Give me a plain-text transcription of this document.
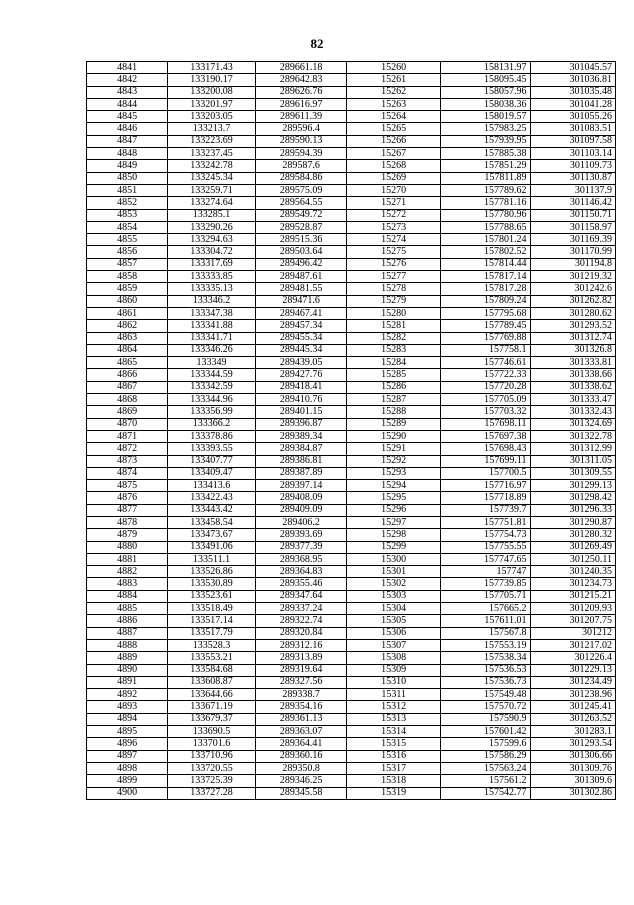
82
4841	133171.43	289661.18	15260	158131.97	301045.57
4842	133190.17	289642.83	15261	158095.45	301036.81
4843	133200.08	289626.76	15262	158057.96	301035.48
4844	133201.97	289616.97	15263	158038.36	301041.28
4845	133203.05	289611.39	15264	158019.57	301055.26
4846	133213.7	289596.4	15265	157983.25	301083.51
4847	133223.69	289590.13	15266	157939.95	301097.58
4848	133237.45	289594.39	15267	157885.38	301103.14
4849	133242.78	289587.6	15268	157851.29	301109.73
4850	133245.34	289584.86	15269	157811.89	301130.87
4851	133259.71	289575.09	15270	157789.62	301137.9
4852	133274.64	289564.55	15271	157781.16	301146.42
4853	133285.1	289549.72	15272	157780.96	301150.71
4854	133290.26	289528.87	15273	157788.65	301158.97
4855	133294.63	289515.36	15274	157801.24	301169.39
4856	133304.72	289503.64	15275	157802.52	301170.99
4857	133317.69	289496.42	15276	157814.44	301194.8
4858	133333.85	289487.61	15277	157817.14	301219.32
4859	133335.13	289481.55	15278	157817.28	301242.6
4860	133346.2	289471.6	15279	157809.24	301262.82
4861	133347.38	289467.41	15280	157795.68	301280.62
4862	133341.88	289457.34	15281	157789.45	301293.52
4863	133341.71	289455.34	15282	157769.88	301312.74
4864	133346.26	289445.34	15283	157758.1	301326.8
4865	133349	289439.05	15284	157746.61	301333.81
4866	133344.59	289427.76	15285	157722.33	301338.66
4867	133342.59	289418.41	15286	157720.28	301338.62
4868	133344.96	289410.76	15287	157705.09	301333.47
4869	133356.99	289401.15	15288	157703.32	301332.43
4870	133366.2	289396.87	15289	157698.11	301324.69
4871	133378.86	289389.34	15290	157697.38	301322.78
4872	133393.55	289384.87	15291	157698.43	301312.99
4873	133407.77	289386.81	15292	157699.11	301311.05
4874	133409.47	289387.89	15293	157700.5	301309.55
4875	133413.6	289397.14	15294	157716.97	301299.13
4876	133422.43	289408.09	15295	157718.89	301298.42
4877	133443.42	289409.09	15296	157739.7	301296.33
4878	133458.54	289406.2	15297	157751.81	301290.87
4879	133473.67	289393.69	15298	157754.73	301280.32
4880	133491.06	289377.39	15299	157755.55	301269.49
4881	133511.1	289368.95	15300	157747.65	301250.11
4882	133526.86	289364.83	15301	157747	301240.35
4883	133530.89	289355.46	15302	157739.85	301234.73
4884	133523.61	289347.64	15303	157705.71	301215.21
4885	133518.49	289337.24	15304	157665.2	301209.93
4886	133517.14	289322.74	15305	157611.01	301207.75
4887	133517.79	289320.84	15306	157567.8	301212
4888	133528.3	289312.16	15307	157553.19	301217.02
4889	133553.21	289313.89	15308	157538.34	301226.4
4890	133584.68	289319.64	15309	157536.53	301229.13
4891	133608.87	289327.56	15310	157536.73	301234.49
4892	133644.66	289338.7	15311	157549.48	301238.96
4893	133671.19	289354.16	15312	157570.72	301245.41
4894	133679.37	289361.13	15313	157590.9	301263.52
4895	133690.5	289363.07	15314	157601.42	301283.1
4896	133701.6	289364.41	15315	157599.6	301293.54
4897	133710.96	289360.16	15316	157586.29	301306.66
4898	133720.55	289350.8	15317	157563.24	301309.76
4899	133725.39	289346.25	15318	157561.2	301309.6
4900	133727.28	289345.58	15319	157542.77	301302.86
